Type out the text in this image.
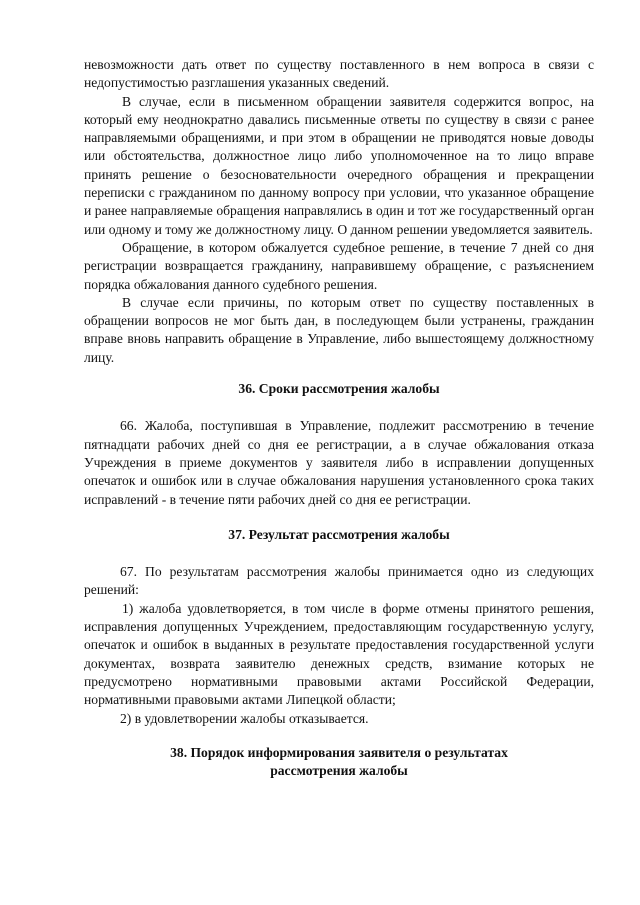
невозможности дать ответ по существу поставленного в нем вопроса в связи с недопустимостью разглашения указанных сведений.

В случае, если в письменном обращении заявителя содержится вопрос, на который ему неоднократно давались письменные ответы по существу в связи с ранее направляемыми обращениями, и при этом в обращении не приводятся новые доводы или обстоятельства, должностное лицо либо уполномоченное на то лицо вправе принять решение о безосновательности очередного обращения и прекращении переписки с гражданином по данному вопросу при условии, что указанное обращение и ранее направляемые обращения направлялись в один и тот же государственный орган или одному и тому же должностному лицу. О данном решении уведомляется заявитель.

Обращение, в котором обжалуется судебное решение, в течение 7 дней со дня регистрации возвращается гражданину, направившему обращение, с разъяснением порядка обжалования данного судебного решения.

В случае если причины, по которым ответ по существу поставленных в обращении вопросов не мог быть дан, в последующем были устранены, гражданин вправе вновь направить обращение в Управление, либо вышестоящему должностному лицу.

36. Сроки рассмотрения жалобы

66. Жалоба, поступившая в Управление, подлежит рассмотрению в течение пятнадцати рабочих дней со дня ее регистрации, а в случае обжалования отказа Учреждения в приеме документов у заявителя либо в исправлении допущенных опечаток и ошибок или в случае обжалования нарушения установленного срока таких исправлений - в течение пяти рабочих дней со дня ее регистрации.

37. Результат рассмотрения жалобы

67. По результатам рассмотрения жалобы принимается одно из следующих решений:

1) жалоба удовлетворяется, в том числе в форме отмены принятого решения, исправления допущенных Учреждением, предоставляющим государственную услугу, опечаток и ошибок в выданных в результате предоставления государственной услуги документах, возврата заявителю денежных средств, взимание которых не предусмотрено нормативными правовыми актами Российской Федерации, нормативными правовыми актами Липецкой области;

2) в удовлетворении жалобы отказывается.

38. Порядок информирования заявителя о результатах
рассмотрения жалобы
